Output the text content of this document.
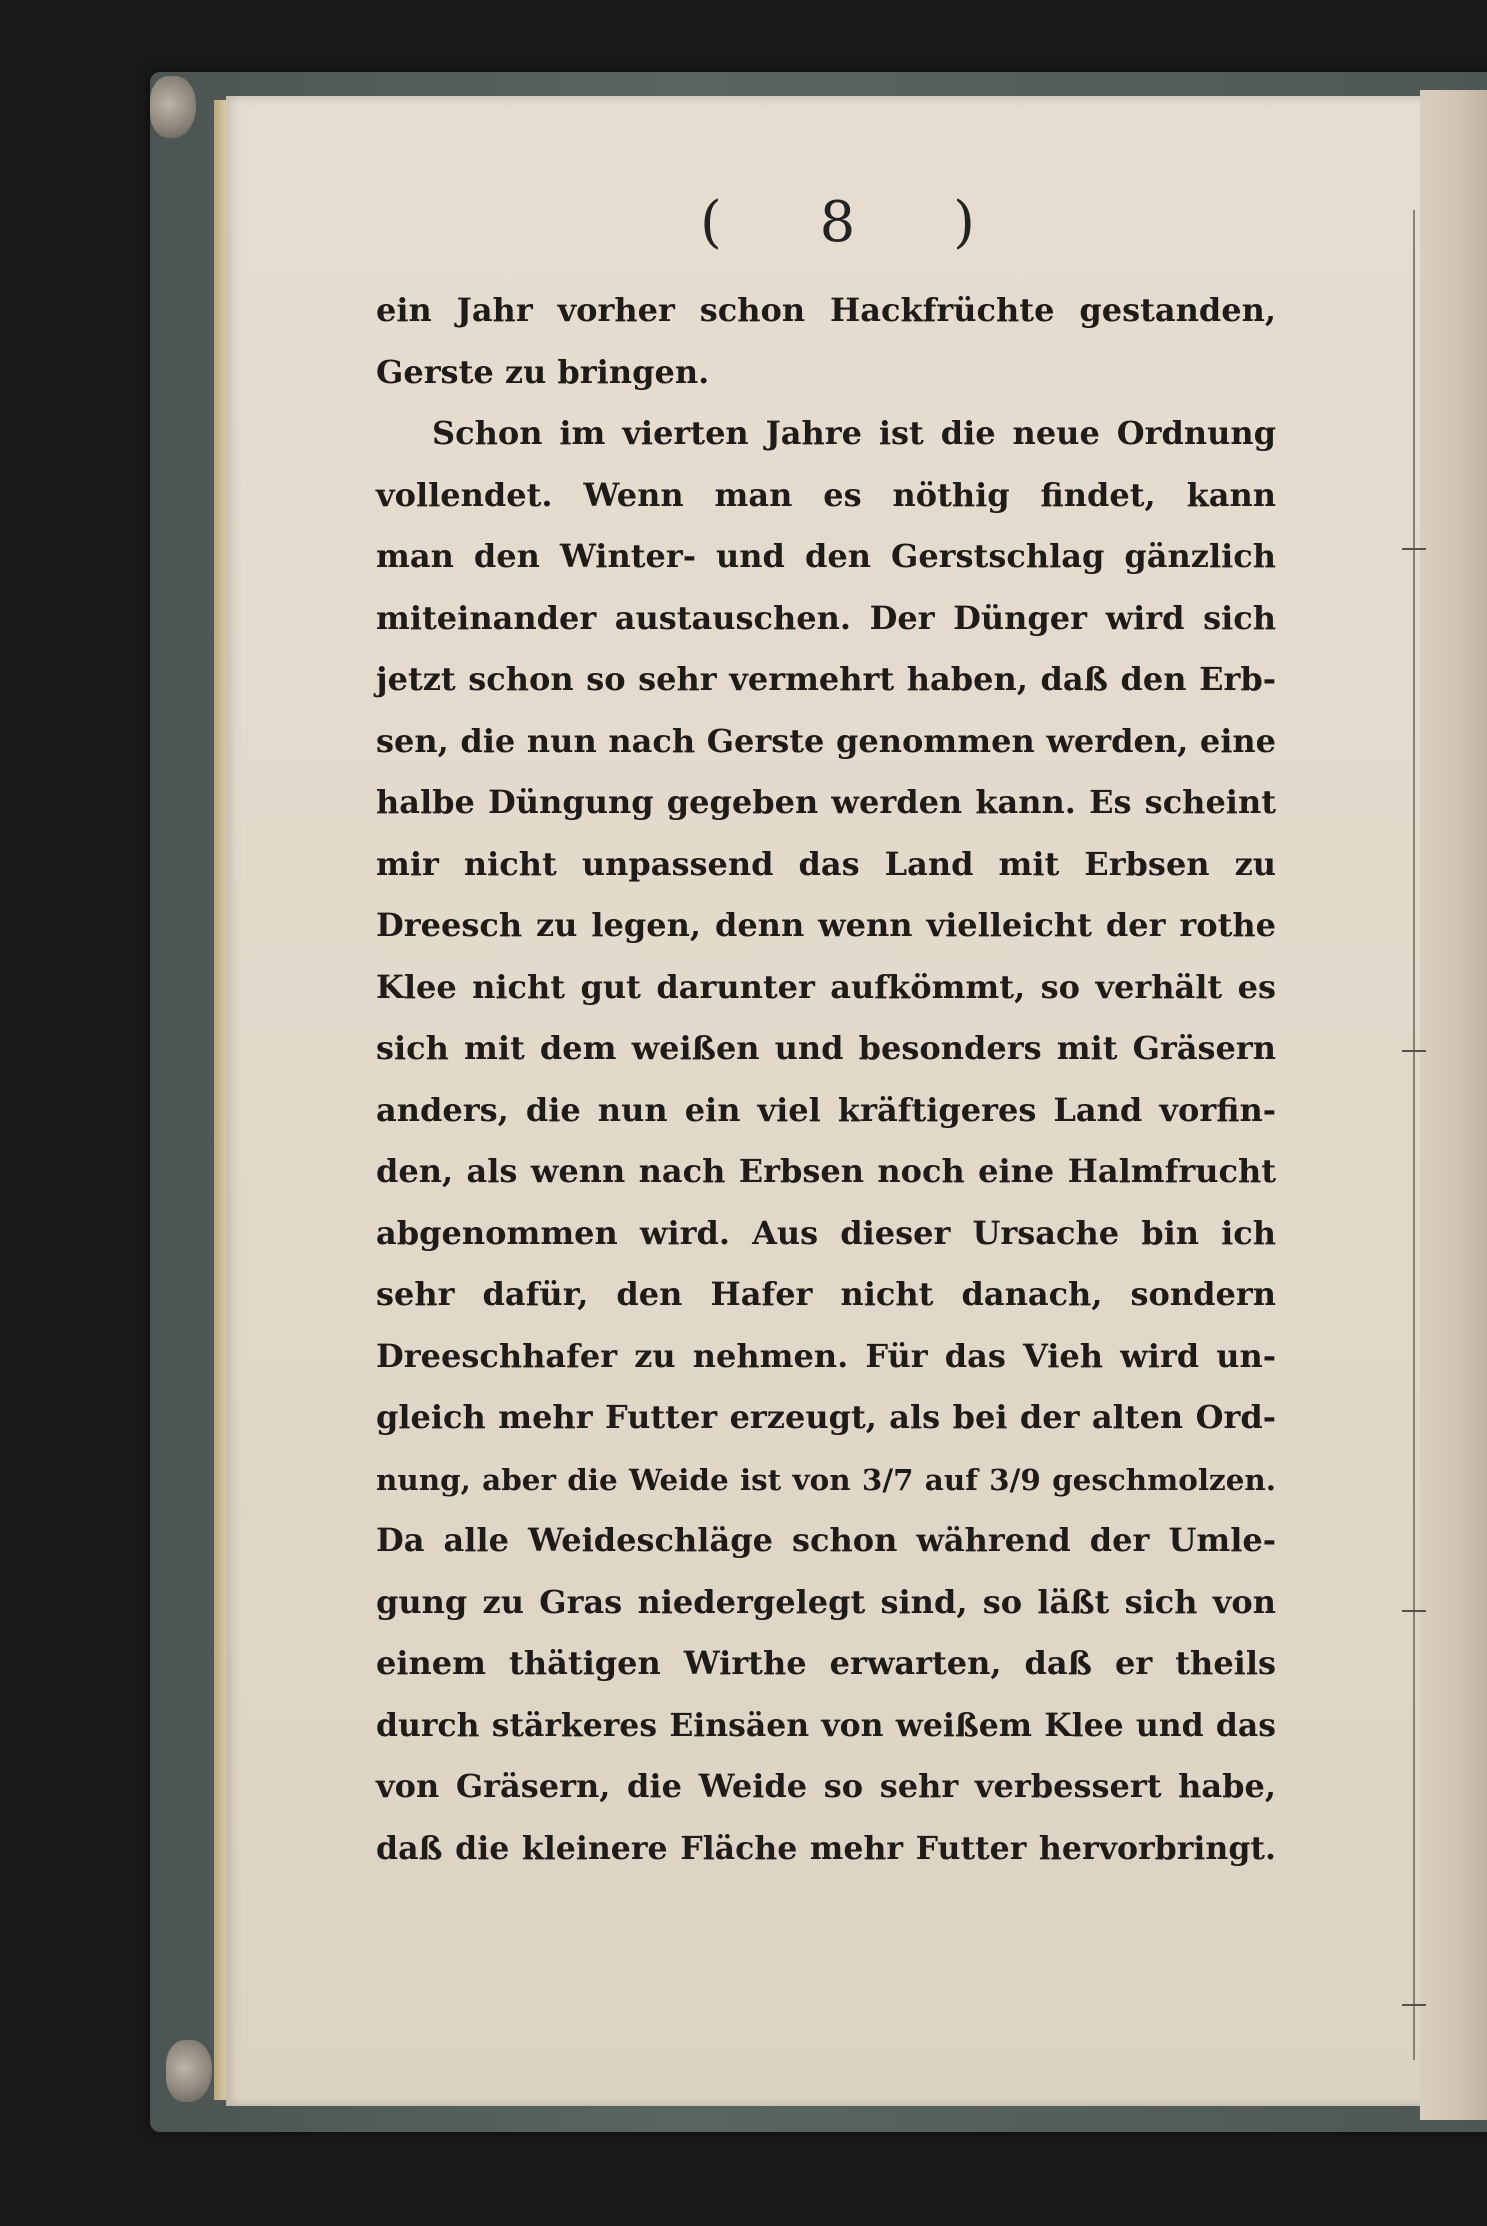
( 8 )
ein Jahr vorher schon Hackfrüchte gestanden,
Gerste zu bringen.
Schon im vierten Jahre ist die neue Ordnung
vollendet. Wenn man es nöthig findet, kann
man den Winter- und den Gerstschlag gänzlich
miteinander austauschen. Der Dünger wird sich
jetzt schon so sehr vermehrt haben, daß den Erb-
sen, die nun nach Gerste genommen werden, eine
halbe Düngung gegeben werden kann. Es scheint
mir nicht unpassend das Land mit Erbsen zu
Dreesch zu legen, denn wenn vielleicht der rothe
Klee nicht gut darunter aufkömmt, so verhält es
sich mit dem weißen und besonders mit Gräsern
anders, die nun ein viel kräftigeres Land vorfin-
den, als wenn nach Erbsen noch eine Halmfrucht
abgenommen wird. Aus dieser Ursache bin ich
sehr dafür, den Hafer nicht danach, sondern
Dreeschhafer zu nehmen. Für das Vieh wird un-
gleich mehr Futter erzeugt, als bei der alten Ord-
nung, aber die Weide ist von 3/7 auf 3/9 geschmolzen.
Da alle Weideschläge schon während der Umle-
gung zu Gras niedergelegt sind, so läßt sich von
einem thätigen Wirthe erwarten, daß er theils
durch stärkeres Einsäen von weißem Klee und das
von Gräsern, die Weide so sehr verbessert habe,
daß die kleinere Fläche mehr Futter hervorbringt.
